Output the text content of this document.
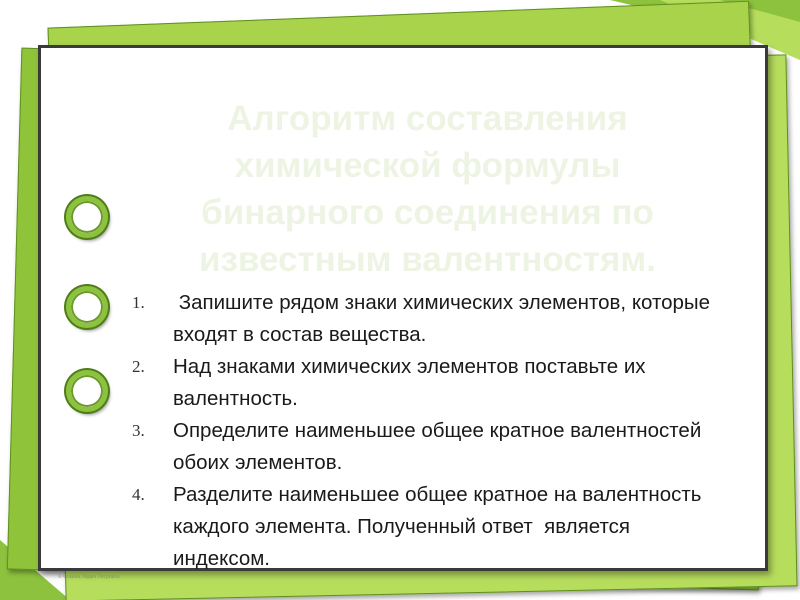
Алгоритм составления химической формулы бинарного соединения по известным валентностям.
1. Запишите рядом знаки химических элементов, которые входят в состав вещества.
2. Над знаками химических элементов поставьте их валентность.
3. Определите наименьшее общее кратное валентностей обоих элементов.
4. Разделите наименьшее общее кратное на валентность каждого элемента. Полученный ответ  является индексом.
© Фокина Лидия Петровна
